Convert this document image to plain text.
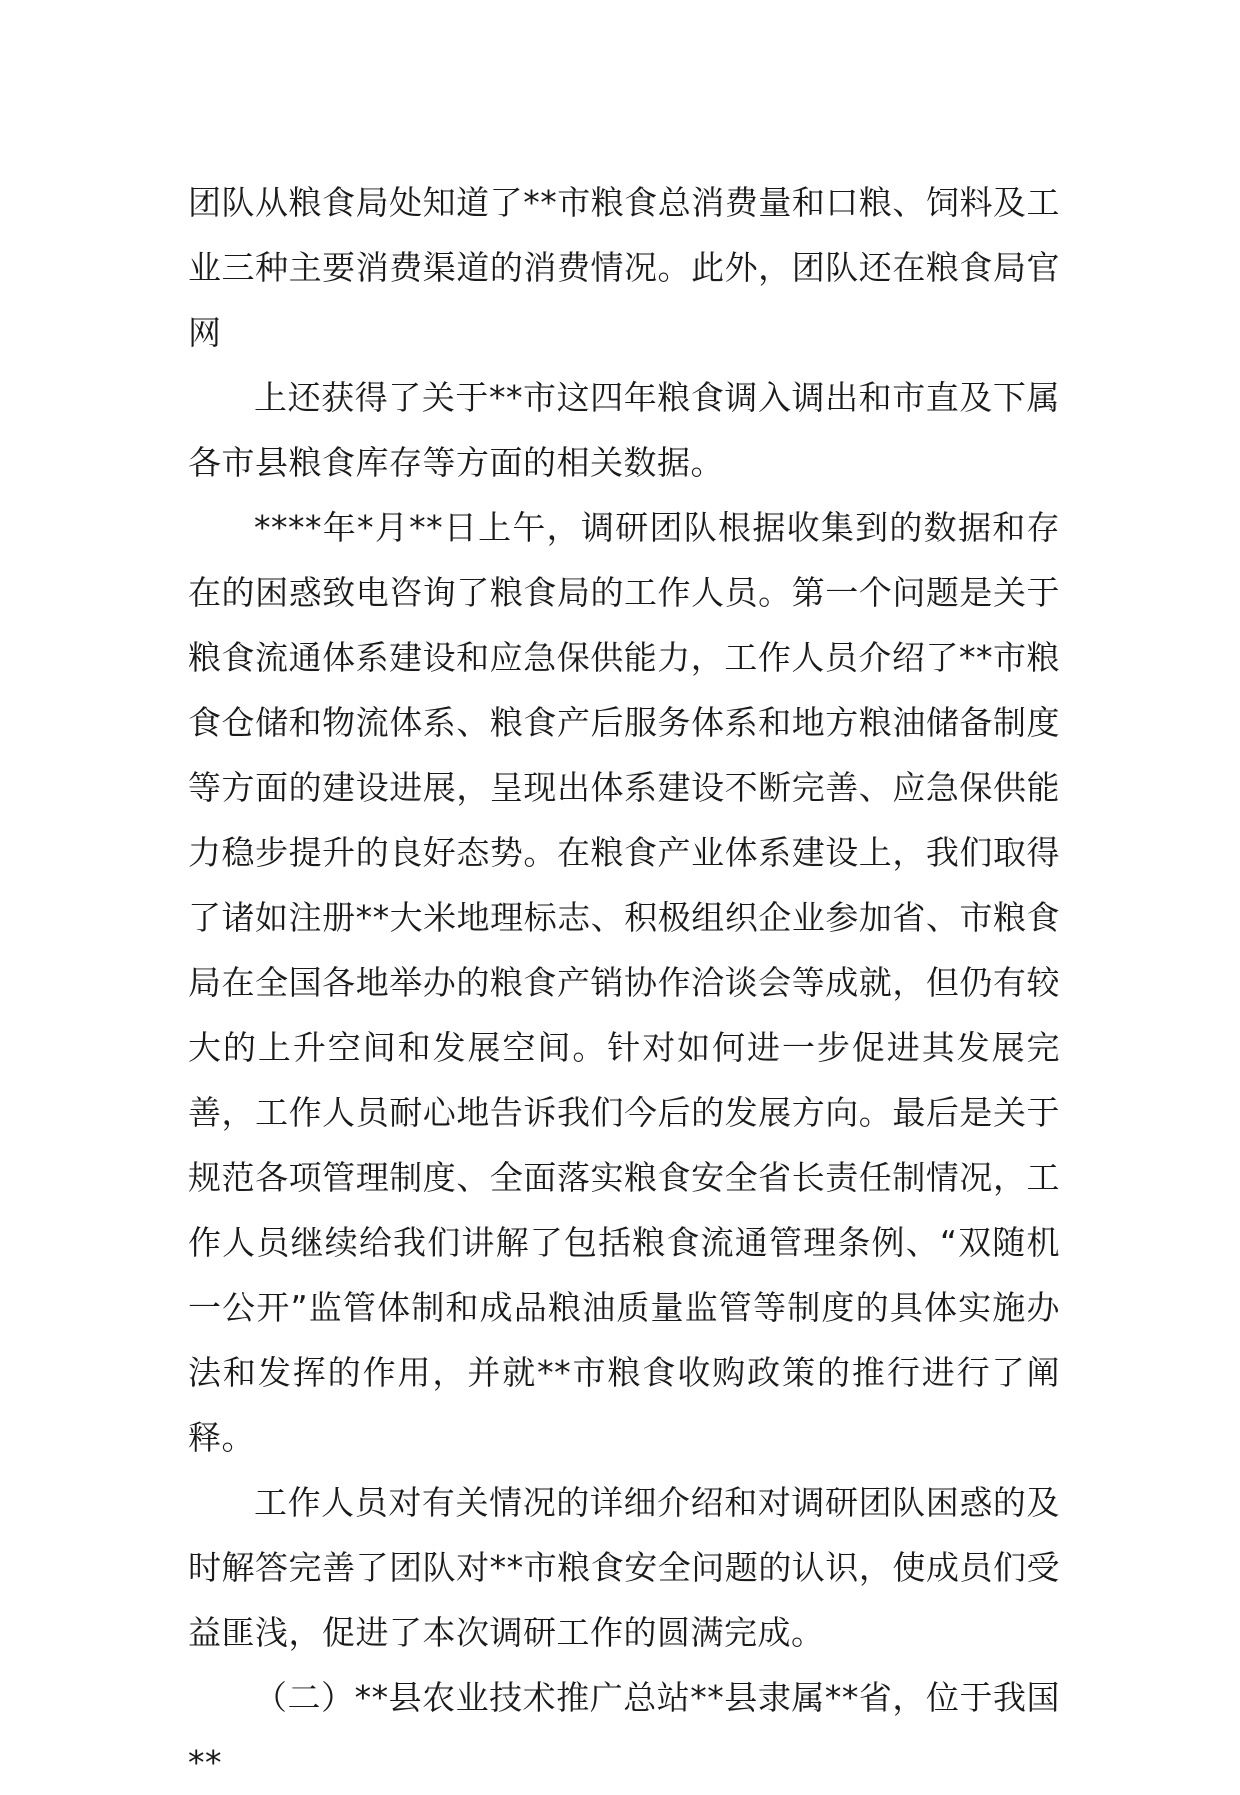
团队从粮食局处知道了**市粮食总消费量和口粮、饲料及工业三种主要消费渠道的消费情况。此外，团队还在粮食局官网

上还获得了关于**市这四年粮食调入调出和市直及下属各市县粮食库存等方面的相关数据。

****年*月**日上午，调研团队根据收集到的数据和存在的困惑致电咨询了粮食局的工作人员。第一个问题是关于粮食流通体系建设和应急保供能力，工作人员介绍了**市粮食仓储和物流体系、粮食产后服务体系和地方粮油储备制度等方面的建设进展，呈现出体系建设不断完善、应急保供能力稳步提升的良好态势。在粮食产业体系建设上，我们取得了诸如注册**大米地理标志、积极组织企业参加省、市粮食局在全国各地举办的粮食产销协作洽谈会等成就，但仍有较大的上升空间和发展空间。针对如何进一步促进其发展完善，工作人员耐心地告诉我们今后的发展方向。最后是关于规范各项管理制度、全面落实粮食安全省长责任制情况，工作人员继续给我们讲解了包括粮食流通管理条例、“双随机一公开”监管体制和成品粮油质量监管等制度的具体实施办法和发挥的作用，并就**市粮食收购政策的推行进行了阐释。

工作人员对有关情况的详细介绍和对调研团队困惑的及时解答完善了团队对**市粮食安全问题的认识，使成员们受益匪浅，促进了本次调研工作的圆满完成。

（二）**县农业技术推广总站**县隶属**省，位于我国**
